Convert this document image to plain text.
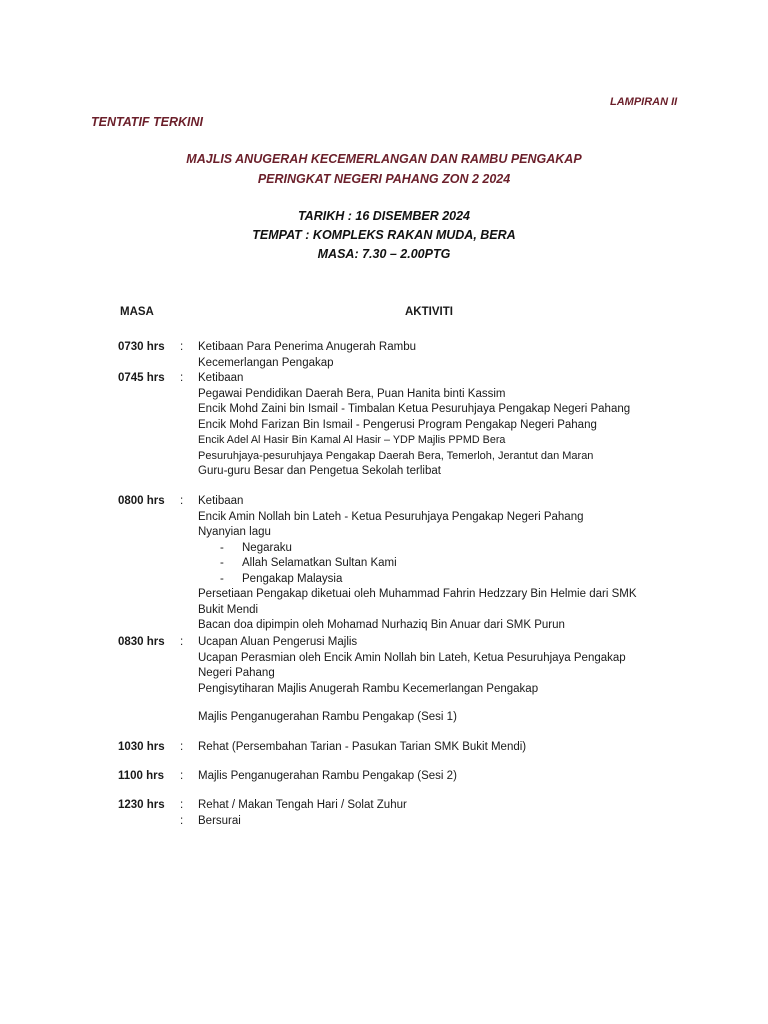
LAMPIRAN II
TENTATIF TERKINI
MAJLIS ANUGERAH KECEMERLANGAN DAN RAMBU PENGAKAP
PERINGKAT NEGERI PAHANG ZON 2 2024
TARIKH : 16 DISEMBER 2024
TEMPAT : KOMPLEKS RAKAN MUDA, BERA
MASA: 7.30 – 2.00PTG
MASA	AKTIVITI
0730 hrs : Ketibaan Para Penerima Anugerah Rambu
Kecemerlangan Pengakap
0745 hrs : Ketibaan
Pegawai Pendidikan Daerah Bera, Puan Hanita binti Kassim
Encik Mohd Zaini bin Ismail - Timbalan Ketua Pesuruhjaya Pengakap Negeri Pahang
Encik Mohd Farizan Bin Ismail - Pengerusi Program Pengakap Negeri Pahang
Encik Adel Al Hasir Bin Kamal Al Hasir – YDP Majlis PPMD Bera
Pesuruhjaya-pesuruhjaya Pengakap Daerah Bera, Temerloh, Jerantut dan Maran
Guru-guru Besar dan Pengetua Sekolah terlibat
0800 hrs : Ketibaan
Encik Amin Nollah bin Lateh - Ketua Pesuruhjaya Pengakap Negeri Pahang
Nyanyian lagu
- Negaraku
- Allah Selamatkan Sultan Kami
- Pengakap Malaysia
Persetiaan Pengakap diketuai oleh Muhammad Fahrin Hedzzary Bin Helmie dari SMK
Bukit Mendi
Bacan doa dipimpin oleh Mohamad Nurhaziq Bin Anuar dari SMK Purun
0830 hrs : Ucapan Aluan Pengerusi Majlis
Ucapan Perasmian oleh Encik Amin Nollah bin Lateh, Ketua Pesuruhjaya Pengakap
Negeri Pahang
Pengisytiharan Majlis Anugerah Rambu Kecemerlangan Pengakap
Majlis Penganugerahan Rambu Pengakap (Sesi 1)
1030 hrs : Rehat (Persembahan Tarian - Pasukan Tarian SMK Bukit Mendi)
1100 hrs : Majlis Penganugerahan Rambu Pengakap (Sesi 2)
1230 hrs : Rehat / Makan Tengah Hari / Solat Zuhur
: Bersurai
